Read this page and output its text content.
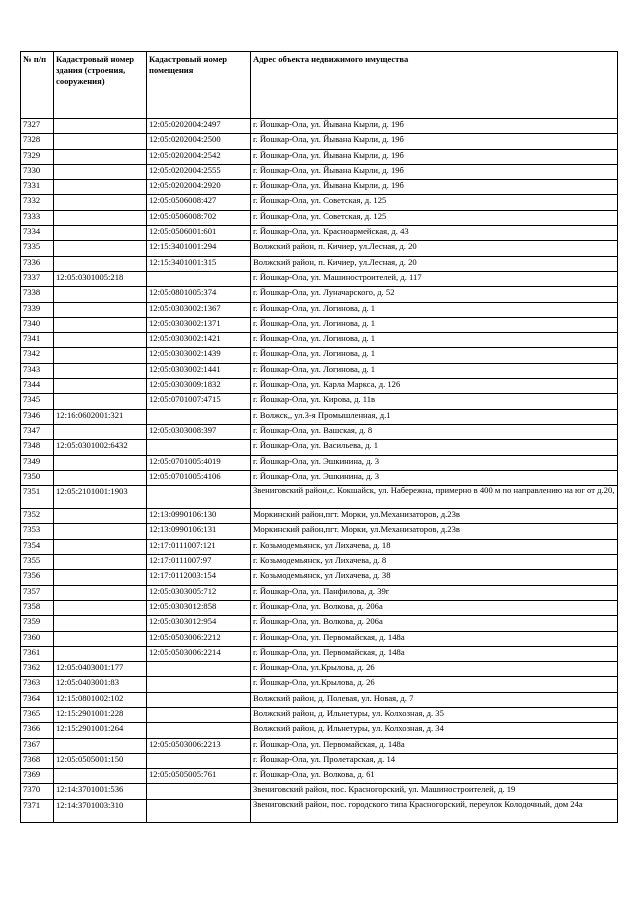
№ п/п	Кадастровый номер здания (строения, сооружения)	Кадастровый номер помещения	Адрес объекта недвижимого имущества
7327		12:05:0202004:2497	г. Йошкар-Ола, ул. Йывана Кырли, д. 19б
7328		12:05:0202004:2500	г. Йошкар-Ола, ул. Йывана Кырли, д. 19б
7329		12:05:0202004:2542	г. Йошкар-Ола, ул. Йывана Кырли, д. 19б
7330		12:05:0202004:2555	г. Йошкар-Ола, ул. Йывана Кырли, д. 19б
7331		12:05:0202004:2920	г. Йошкар-Ола, ул. Йывана Кырли, д. 19б
7332		12:05:0506008:427	г. Йошкар-Ола, ул. Советская, д. 125
7333		12:05:0506008:702	г. Йошкар-Ола, ул. Советская, д. 125
7334		12:05:0506001:601	г. Йошкар-Ола, ул. Красноармейская, д. 43
7335		12:15:3401001:294	Волжский район, п. Кичиер, ул.Лесная, д. 20
7336		12:15:3401001:315	Волжский район, п. Кичиер, ул.Лесная, д. 20
7337	12:05:0301005:218		г. Йошкар-Ола, ул. Машиностроителей, д. 117
7338		12:05:0801005:374	г. Йошкар-Ола, ул. Луначарского, д. 52
7339		12:05:0303002:1367	г. Йошкар-Ола, ул. Логинова, д. 1
7340		12:05:0303002:1371	г. Йошкар-Ола, ул. Логинова, д. 1
7341		12:05:0303002:1421	г. Йошкар-Ола, ул. Логинова, д. 1
7342		12:05:0303002:1439	г. Йошкар-Ола, ул. Логинова, д. 1
7343		12:05:0303002:1441	г. Йошкар-Ола, ул. Логинова, д. 1
7344		12:05:0303009:1832	г. Йошкар-Ола, ул. Карла Маркса, д. 126
7345		12:05:0701007:4715	г. Йошкар-Ола, ул. Кирова, д. 11в
7346	12:16:0602001:321		г. Волжск,, ул.3-я Промышленная, д.1
7347		12:05:0303008:397	г. Йошкар-Ола, ул. Вашская, д. 8
7348	12:05:0301002:6432		г. Йошкар-Ола, ул. Васильева, д. 1
7349		12:05:0701005:4019	г. Йошкар-Ола, ул. Эшкинина, д. 3
7350		12:05:0701005:4106	г. Йошкар-Ола, ул. Эшкинина, д. 3
7351	12:05:2101001:1903		Звениговский район,с. Кокшайск, ул. Набережна, примерно в 400 м по направлению на юг от д.20,
7352		12:13:0990106:130	Моркинский район,пгт. Морки, ул.Механизаторов, д.23в
7353		12:13:0990106:131	Моркинский район,пгт. Морки, ул.Механизаторов, д.23в
7354		12:17:0111007:121	г. Козьмодемьянск, ул Лихачева, д. 18
7355		12:17:0111007:97	г. Козьмодемьянск, ул Лихачева, д. 8
7356		12:17:0112003:154	г. Козьмодемьянск, ул Лихачева, д. 38
7357		12:05:0303005:712	г. Йошкар-Ола, ул. Панфилова, д. 39г
7358		12:05:0303012:858	г. Йошкар-Ола, ул. Волкова, д. 206а
7359		12:05:0303012:954	г. Йошкар-Ола, ул. Волкова, д. 206а
7360		12:05:0503006:2212	г. Йошкар-Ола, ул. Первомайская, д. 148а
7361		12:05:0503006:2214	г. Йошкар-Ола, ул. Первомайская, д. 148а
7362	12:05:0403001:177		г. Йошкар-Ола, ул.Крылова, д. 26
7363	12:05:0403001:83		г. Йошкар-Ола, ул.Крылова, д. 26
7364	12:15:0801002:102		Волжский район, д. Полевая, ул. Новая, д. 7
7365	12:15:2901001:228		Волжский район, д. Ильнетуры, ул. Колхозная, д. 35
7366	12:15:2901001:264		Волжский район, д. Ильнетуры, ул. Колхозная, д. 34
7367		12:05:0503006:2213	г. Йошкар-Ола, ул. Первомайская, д. 148а
7368	12:05:0505001:150		г. Йошкар-Ола, ул. Пролетарская, д. 14
7369		12:05:0505005:761	г. Йошкар-Ола, ул. Волкова, д. 61
7370	12:14:3701001:536		Звениговский район, пос. Красногорский, ул. Машиностроителей, д. 19
7371	12:14:3701003:310		Звениговский район, пос. городского типа Красногорский, переулок Колодочный, дом 24а
